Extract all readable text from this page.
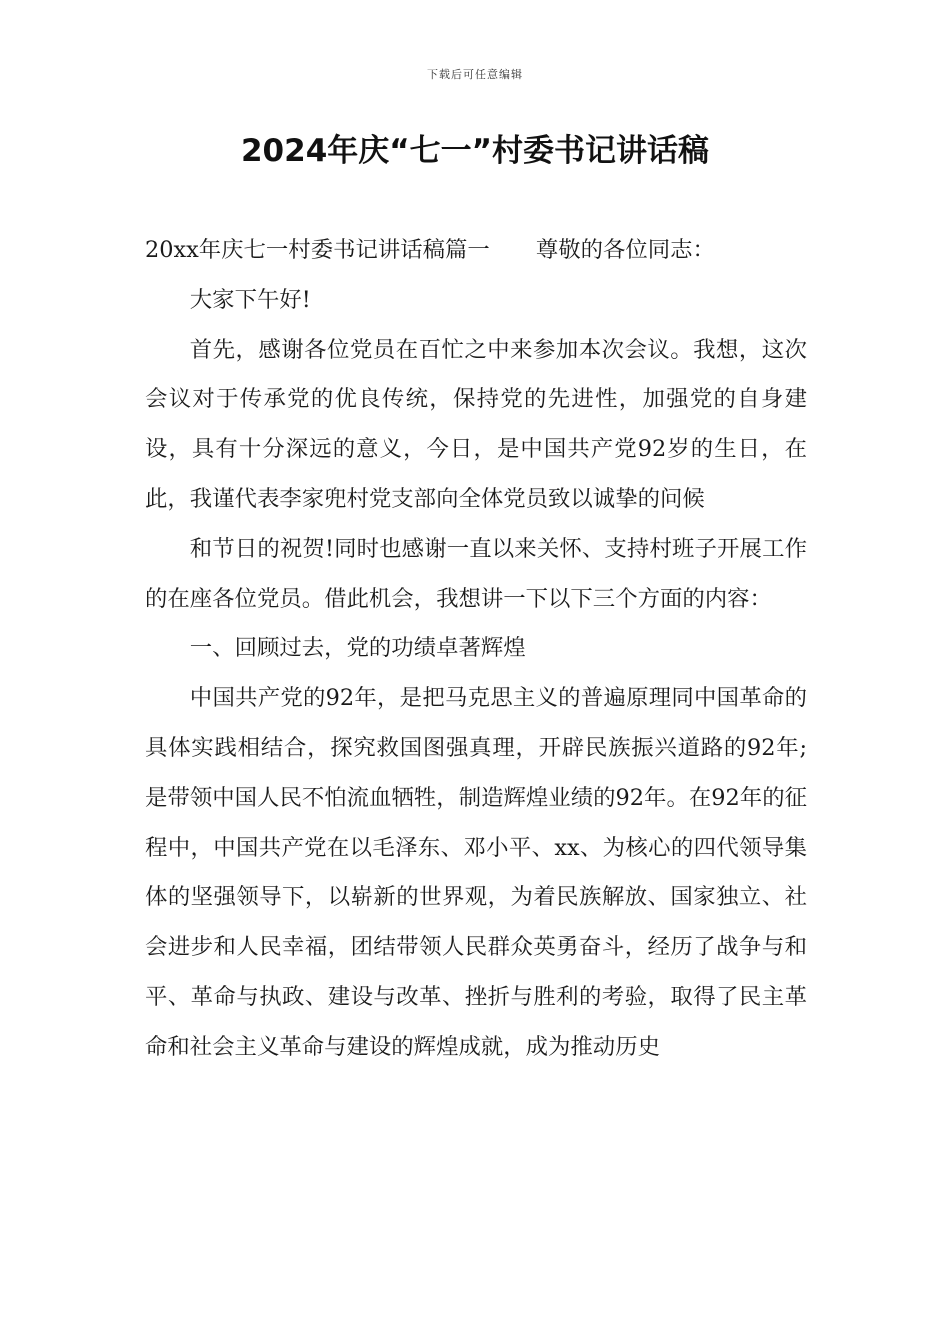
下载后可任意编辑
2024年庆“七一”村委书记讲话稿

20xx年庆七一村委书记讲话稿篇一 尊敬的各位同志：

大家下午好!

首先，感谢各位党员在百忙之中来参加本次会议。我想，这次会议对于传承党的优良传统，保持党的先进性，加强党的自身建设，具有十分深远的意义，今日，是中国共产党92岁的生日，在此，我谨代表李家兜村党支部向全体党员致以诚挚的问候

和节日的祝贺!同时也感谢一直以来关怀、支持村班子开展工作的在座各位党员。借此机会，我想讲一下以下三个方面的内容：

一、回顾过去，党的功绩卓著辉煌

中国共产党的92年，是把马克思主义的普遍原理同中国革命的具体实践相结合，探究救国图强真理，开辟民族振兴道路的92年;是带领中国人民不怕流血牺牲，制造辉煌业绩的92年。在92年的征程中，中国共产党在以毛泽东、邓小平、xx、为核心的四代领导集体的坚强领导下，以崭新的世界观，为着民族解放、国家独立、社会进步和人民幸福，团结带领人民群众英勇奋斗，经历了战争与和平、革命与执政、建设与改革、挫折与胜利的考验，取得了民主革命和社会主义革命与建设的辉煌成就，成为推动历史
